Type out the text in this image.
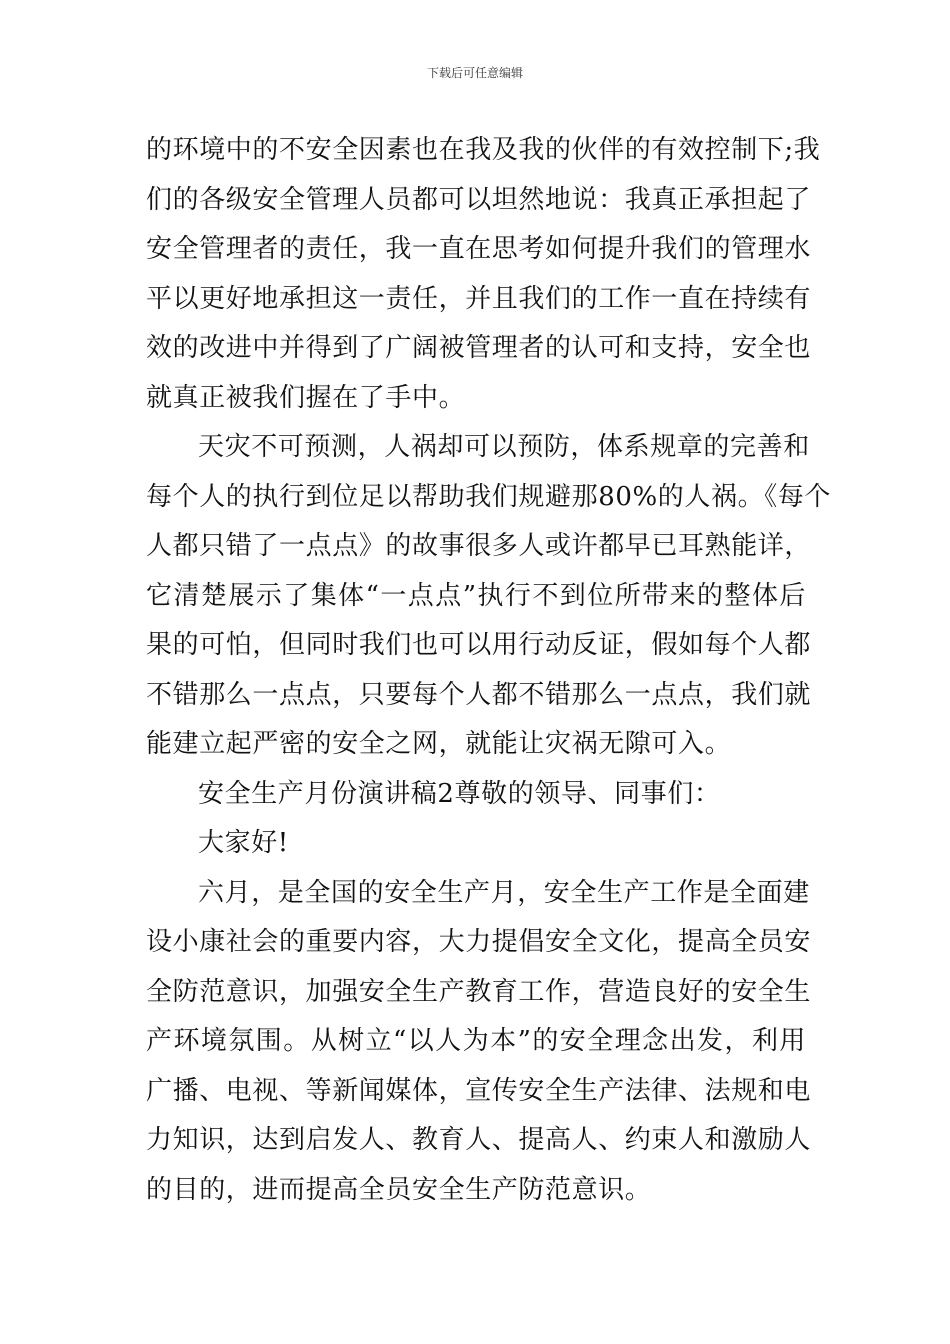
下载后可任意编辑
的环境中的不安全因素也在我及我的伙伴的有效控制下;我
们的各级安全管理人员都可以坦然地说：我真正承担起了
安全管理者的责任，我一直在思考如何提升我们的管理水
平以更好地承担这一责任，并且我们的工作一直在持续有
效的改进中并得到了广阔被管理者的认可和支持，安全也
就真正被我们握在了手中。
天灾不可预测，人祸却可以预防，体系规章的完善和
每个人的执行到位足以帮助我们规避那80%的人祸。《每个
人都只错了一点点》的故事很多人或许都早已耳熟能详，
它清楚展示了集体“一点点”执行不到位所带来的整体后
果的可怕，但同时我们也可以用行动反证，假如每个人都
不错那么一点点，只要每个人都不错那么一点点，我们就
能建立起严密的安全之网，就能让灾祸无隙可入。
安全生产月份演讲稿2尊敬的领导、同事们：
大家好!
六月，是全国的安全生产月，安全生产工作是全面建
设小康社会的重要内容，大力提倡安全文化，提高全员安
全防范意识，加强安全生产教育工作，营造良好的安全生
产环境氛围。从树立“以人为本”的安全理念出发，利用
广播、电视、等新闻媒体，宣传安全生产法律、法规和电
力知识，达到启发人、教育人、提高人、约束人和激励人
的目的，进而提高全员安全生产防范意识。
